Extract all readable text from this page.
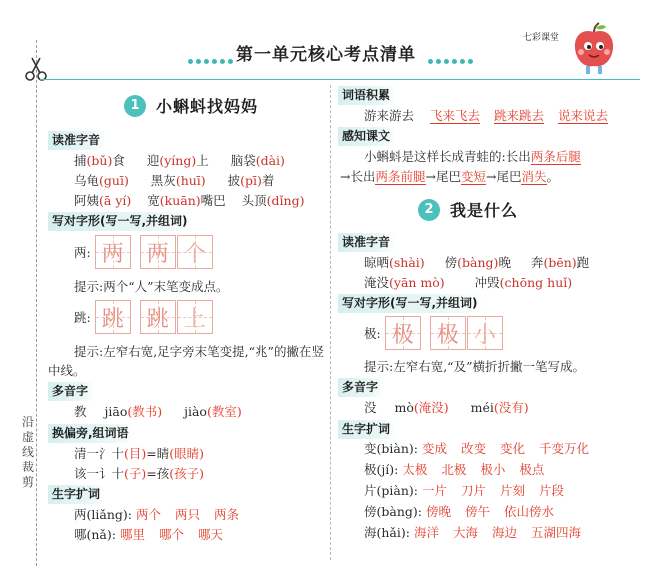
沿虚线裁剪
第一单元核心考点清单
七彩课堂
1	小蝌蚪找妈妈
读准字音
捕(bǔ)食 迎(yíng)上 脑袋(dài)
乌龟(guī) 黑灰(huī) 披(pī)着
阿姨(ā yí) 宽(kuān)嘴巴 头顶(dǐng)
写对字形(写一写,并组词)
两: 两 两 个
提示:两个“人”末笔变成点。
跳: 跳 跳 上
提示:左窄右宽,足字旁末笔变提,“兆”的撇在竖中线。
多音字
教 jiāo(教书) jiào(教室)
换偏旁,组词语
清一氵十(目)=睛(眼睛)
该一讠十(子)=孩(孩子)
生字扩词
两(liǎng): 两个 两只 两条
哪(nǎ): 哪里 哪个 哪天
词语积累
游来游去 飞来飞去 跳来跳去 说来说去
感知课文
小蝌蚪是这样长成青蛙的:长出两条后腿
→长出两条前腿→尾巴变短→尾巴消失。
2	我是什么
读准字音
晾晒(shài) 傍(bàng)晚 奔(bēn)跑
淹没(yān mò) 冲毁(chōng huǐ)
写对字形(写一写,并组词)
极: 极 极 小
提示:左窄右宽,“及”横折折撇一笔写成。
多音字
没 mò(淹没) méi(没有)
生字扩词
变(biàn): 变成 改变 变化 千变万化
极(jí): 太极 北极 极小 极点
片(piàn): 一片 刀片 片刻 片段
傍(bàng): 傍晚 傍午 依山傍水
海(hǎi): 海洋 大海 海边 五湖四海
